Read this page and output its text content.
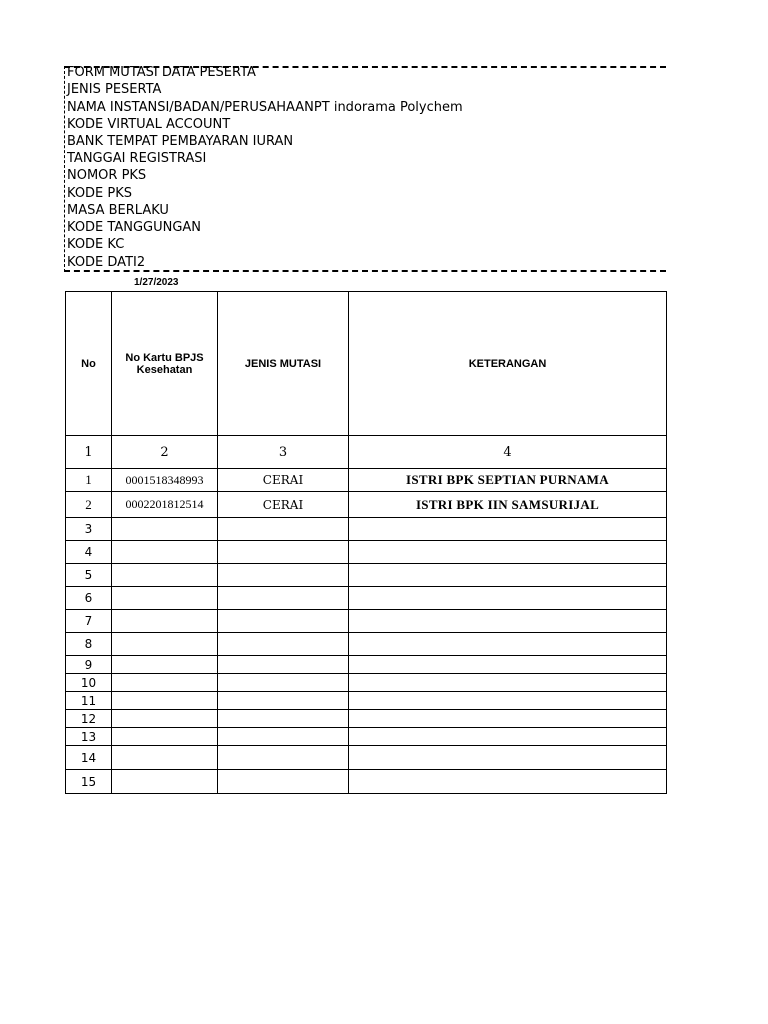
FORM MUTASI DATA PESERTA
JENIS PESERTA
NAMA INSTANSI/BADAN/PERUSAHAANPT indorama Polychem
KODE VIRTUAL ACCOUNT
BANK TEMPAT PEMBAYARAN IURAN
TANGGAI REGISTRASI
NOMOR PKS
KODE PKS
MASA BERLAKU
KODE TANGGUNGAN
KODE KC
KODE DATI2
1/27/2023
No	No Kartu BPJS Kesehatan	JENIS MUTASI	KETERANGAN
1	2	3	4
1	0001518348993	CERAI	ISTRI BPK SEPTIAN PURNAMA
2	0002201812514	CERAI	ISTRI BPK IIN SAMSURIJAL
3			
4			
5			
6			
7			
8			
9			
10			
11			
12			
13			
14			
15			
